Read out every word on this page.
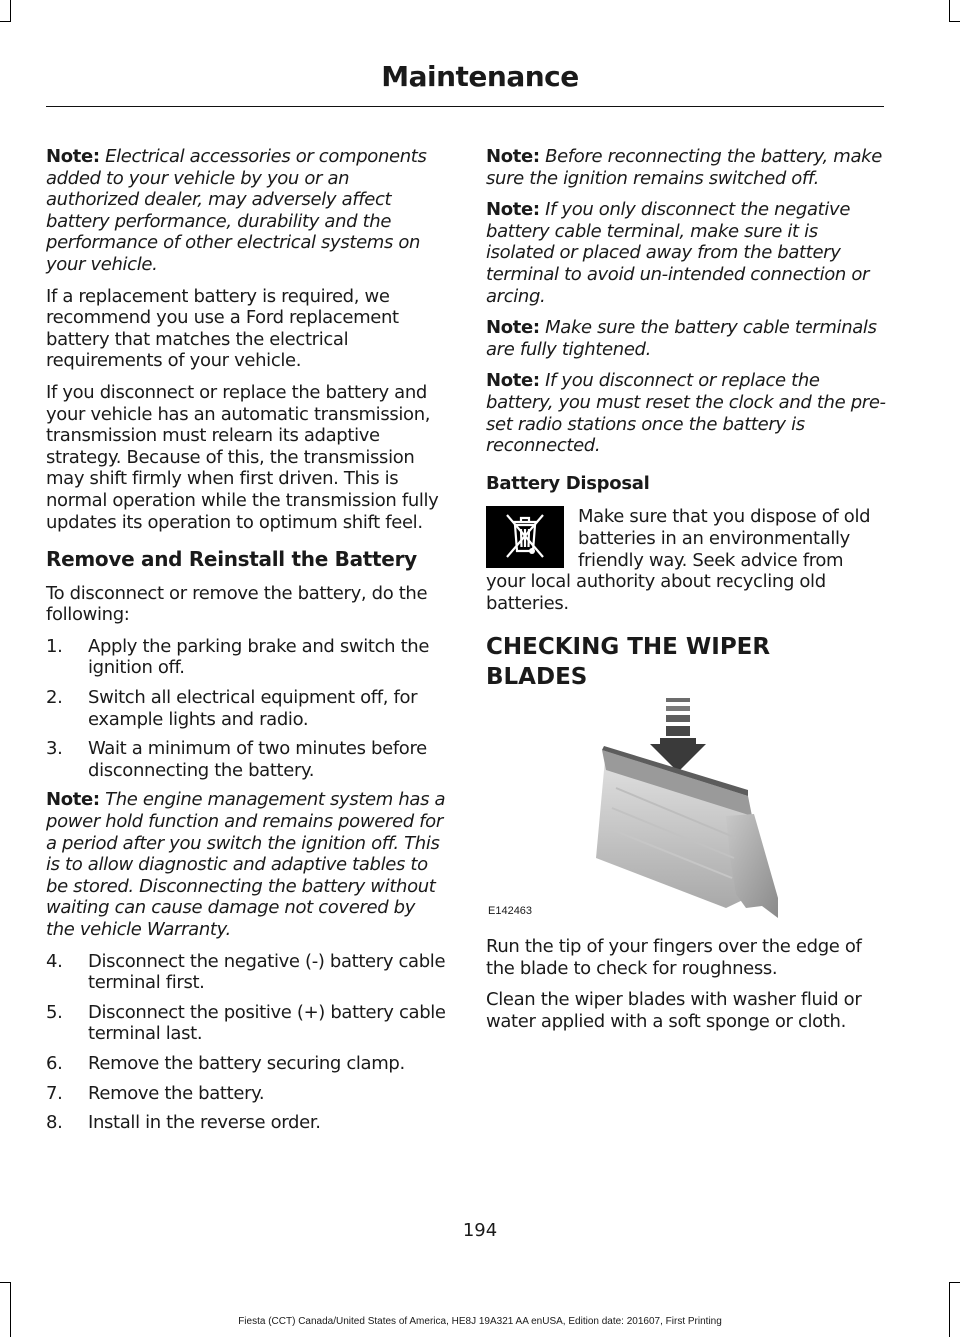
Maintenance

Note: Electrical accessories or components added to your vehicle by you or an authorized dealer, may adversely affect battery performance, durability and the performance of other electrical systems on your vehicle.

If a replacement battery is required, we recommend you use a Ford replacement battery that matches the electrical requirements of your vehicle.

If you disconnect or replace the battery and your vehicle has an automatic transmission, transmission must relearn its adaptive strategy. Because of this, the transmission may shift firmly when first driven. This is normal operation while the transmission fully updates its operation to optimum shift feel.

Remove and Reinstall the Battery

To disconnect or remove the battery, do the following:

1. Apply the parking brake and switch the ignition off.
2. Switch all electrical equipment off, for example lights and radio.
3. Wait a minimum of two minutes before disconnecting the battery.

Note: The engine management system has a power hold function and remains powered for a period after you switch the ignition off. This is to allow diagnostic and adaptive tables to be stored. Disconnecting the battery without waiting can cause damage not covered by the vehicle Warranty.

4. Disconnect the negative (-) battery cable terminal first.
5. Disconnect the positive (+) battery cable terminal last.
6. Remove the battery securing clamp.
7. Remove the battery.
8. Install in the reverse order.

Note: Before reconnecting the battery, make sure the ignition remains switched off.

Note: If you only disconnect the negative battery cable terminal, make sure it is isolated or placed away from the battery terminal to avoid un-intended connection or arcing.

Note: Make sure the battery cable terminals are fully tightened.

Note: If you disconnect or replace the battery, you must reset the clock and the pre-set radio stations once the battery is reconnected.

Battery Disposal

Make sure that you dispose of old batteries in an environmentally friendly way. Seek advice from your local authority about recycling old batteries.

CHECKING THE WIPER
BLADES
E142463

Run the tip of your fingers over the edge of the blade to check for roughness.

Clean the wiper blades with washer fluid or water applied with a soft sponge or cloth.

194
Fiesta (CCT) Canada/United States of America, HE8J 19A321 AA enUSA, Edition date: 201607, First Printing
